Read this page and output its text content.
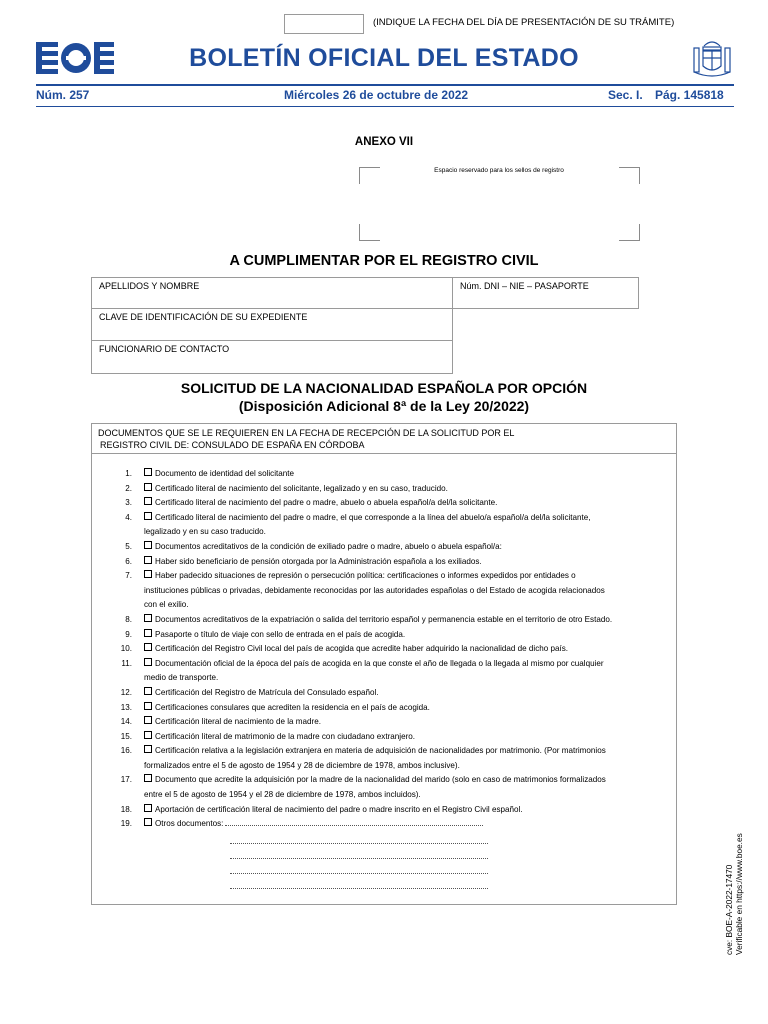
(INDIQUE LA FECHA DEL DÍA DE PRESENTACIÓN DE SU TRÁMITE)
BOLETÍN OFICIAL DEL ESTADO
Núm. 257	Miércoles 26 de octubre de 2022	Sec. I. Pág. 145818
ANEXO VII
Espacio reservado para los sellos de registro
A CUMPLIMENTAR POR EL REGISTRO CIVIL
APELLIDOS Y NOMBRE	Núm. DNI – NIE – PASAPORTE
CLAVE DE IDENTIFICACIÓN DE SU EXPEDIENTE
FUNCIONARIO DE CONTACTO
SOLICITUD DE LA NACIONALIDAD ESPAÑOLA POR OPCIÓN
(Disposición Adicional 8ª de la Ley 20/2022)
DOCUMENTOS QUE SE LE REQUIEREN EN LA FECHA DE RECEPCIÓN DE LA SOLICITUD POR EL
REGISTRO CIVIL DE: CONSULADO DE ESPAÑA EN CÓRDOBA
1.	Documento de identidad del solicitante
2.	Certificado literal de nacimiento del solicitante, legalizado y en su caso, traducido.
3.	Certificado literal de nacimiento del padre o madre, abuelo o abuela español/a del/la solicitante.
4.	Certificado literal de nacimiento del padre o madre, el que corresponde a la línea del abuelo/a español/a del/la solicitante,
legalizado y en su caso traducido.
5.	Documentos acreditativos de la condición de exiliado padre o madre, abuelo o abuela español/a:
6.	Haber sido beneficiario de pensión otorgada por la Administración española a los exiliados.
7.	Haber padecido situaciones de represión o persecución política: certificaciones o informes expedidos por entidades o
instituciones públicas o privadas, debidamente reconocidas por las autoridades españolas o del Estado de acogida relacionados
con el exilio.
8.	Documentos acreditativos de la expatriación o salida del territorio español y permanencia estable en el territorio de otro Estado.
9.	Pasaporte o título de viaje con sello de entrada en el país de acogida.
10.	Certificación del Registro Civil local del país de acogida que acredite haber adquirido la nacionalidad de dicho país.
11.	Documentación oficial de la época del país de acogida en la que conste el año de llegada o la llegada al mismo por cualquier
medio de transporte.
12.	Certificación del Registro de Matrícula del Consulado español.
13.	Certificaciones consulares que acrediten la residencia en el país de acogida.
14.	Certificación literal de nacimiento de la madre.
15.	Certificación literal de matrimonio de la madre con ciudadano extranjero.
16.	Certificación relativa a la legislación extranjera en materia de adquisición de nacionalidades por matrimonio. (Por matrimonios
formalizados entre el 5 de agosto de 1954 y 28 de diciembre de 1978, ambos inclusive).
17.	Documento que acredite la adquisición por la madre de la nacionalidad del marido (solo en caso de matrimonios formalizados
entre el 5 de agosto de 1954 y el 28 de diciembre de 1978, ambos incluidos).
18.	Aportación de certificación literal de nacimiento del padre o madre inscrito en el Registro Civil español.
19.	Otros documentos:
cve: BOE-A-2022-17470 Verificable en https://www.boe.es
